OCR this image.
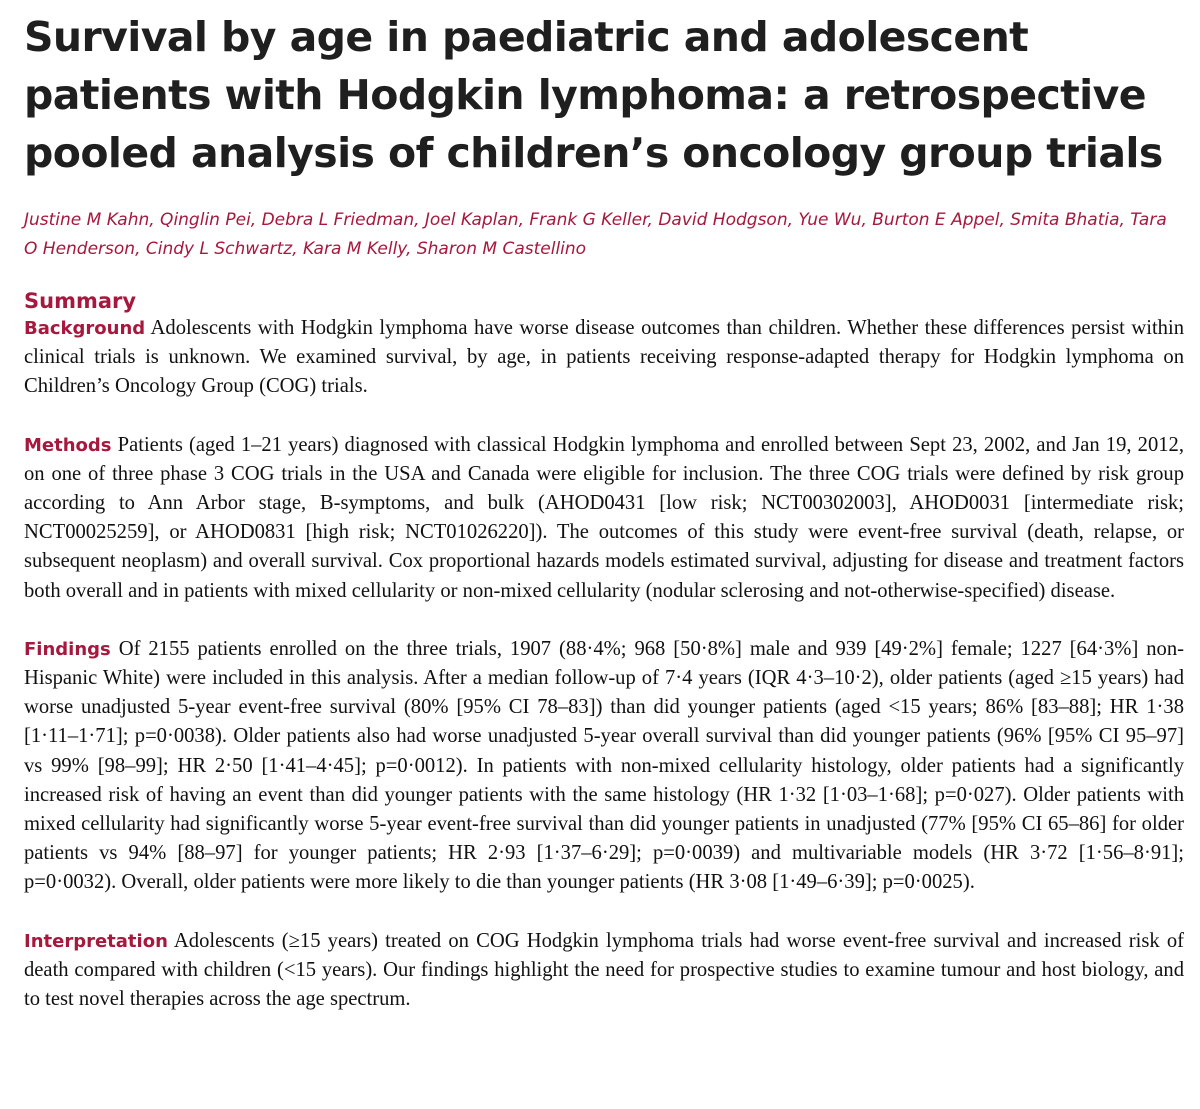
Survival by age in paediatric and adolescent patients with Hodgkin lymphoma: a retrospective pooled analysis of children’s oncology group trials

Justine M Kahn, Qinglin Pei, Debra L Friedman, Joel Kaplan, Frank G Keller, David Hodgson, Yue Wu, Burton E Appel, Smita Bhatia, Tara O Henderson, Cindy L Schwartz, Kara M Kelly, Sharon M Castellino

Summary

Background Adolescents with Hodgkin lymphoma have worse disease outcomes than children. Whether these differences persist within clinical trials is unknown. We examined survival, by age, in patients receiving response-adapted therapy for Hodgkin lymphoma on Children’s Oncology Group (COG) trials.

Methods Patients (aged 1–21 years) diagnosed with classical Hodgkin lymphoma and enrolled between Sept 23, 2002, and Jan 19, 2012, on one of three phase 3 COG trials in the USA and Canada were eligible for inclusion. The three COG trials were defined by risk group according to Ann Arbor stage, B-symptoms, and bulk (AHOD0431 [low risk; NCT00302003], AHOD0031 [intermediate risk; NCT00025259], or AHOD0831 [high risk; NCT01026220]). The outcomes of this study were event-free survival (death, relapse, or subsequent neoplasm) and overall survival. Cox proportional hazards models estimated survival, adjusting for disease and treatment factors both overall and in patients with mixed cellularity or non-mixed cellularity (nodular sclerosing and not-otherwise-specified) disease.

Findings Of 2155 patients enrolled on the three trials, 1907 (88·4%; 968 [50·8%] male and 939 [49·2%] female; 1227 [64·3%] non-Hispanic White) were included in this analysis. After a median follow-up of 7·4 years (IQR 4·3–10·2), older patients (aged ≥15 years) had worse unadjusted 5-year event-free survival (80% [95% CI 78–83]) than did younger patients (aged <15 years; 86% [83–88]; HR 1·38 [1·11–1·71]; p=0·0038). Older patients also had worse unadjusted 5-year overall survival than did younger patients (96% [95% CI 95–97] vs 99% [98–99]; HR 2·50 [1·41–4·45]; p=0·0012). In patients with non-mixed cellularity histology, older patients had a significantly increased risk of having an event than did younger patients with the same histology (HR 1·32 [1·03–1·68]; p=0·027). Older patients with mixed cellularity had significantly worse 5-year event-free survival than did younger patients in unadjusted (77% [95% CI 65–86] for older patients vs 94% [88–97] for younger patients; HR 2·93 [1·37–6·29]; p=0·0039) and multivariable models (HR 3·72 [1·56–8·91]; p=0·0032). Overall, older patients were more likely to die than younger patients (HR 3·08 [1·49–6·39]; p=0·0025).

Interpretation Adolescents (≥15 years) treated on COG Hodgkin lymphoma trials had worse event-free survival and increased risk of death compared with children (<15 years). Our findings highlight the need for prospective studies to examine tumour and host biology, and to test novel therapies across the age spectrum.
